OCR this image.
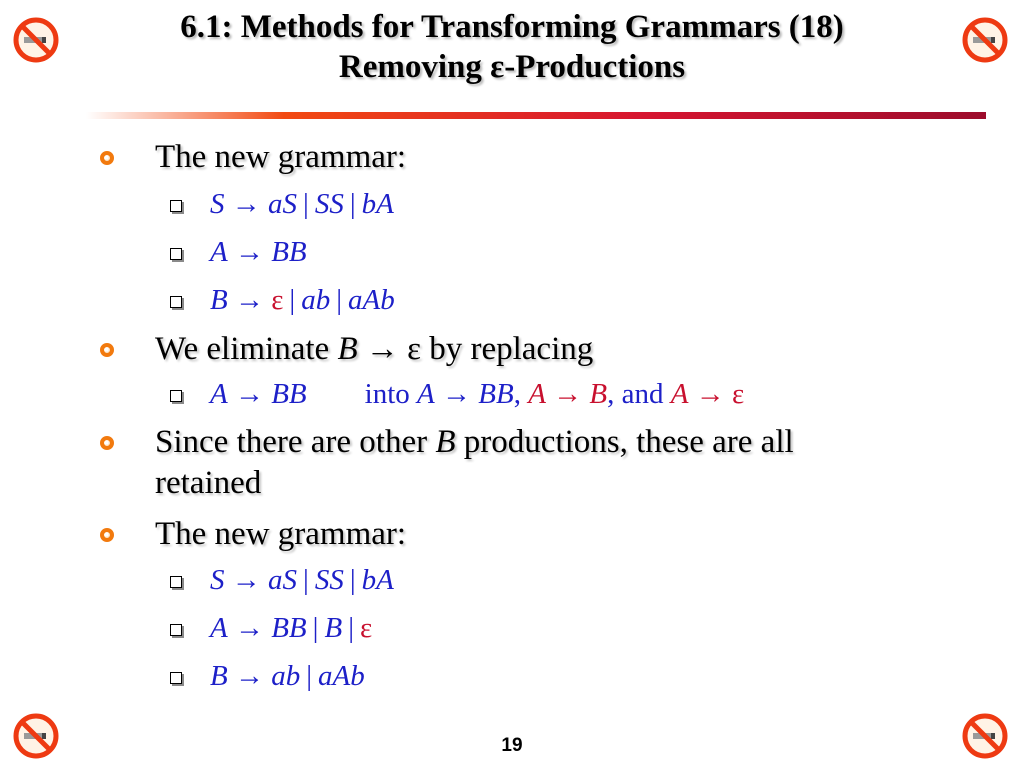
6.1: Methods for Transforming Grammars (18)
Removing ε-Productions
The new grammar:
S → aS | SS | bA
A → BB
B → ε | ab | aAb
We eliminate B → ε by replacing
A → BB into A → BB, A → B, and A → ε
Since there are other B productions, these are all
retained
The new grammar:
S → aS | SS | bA
A → BB | B | ε
B → ab | aAb
19
